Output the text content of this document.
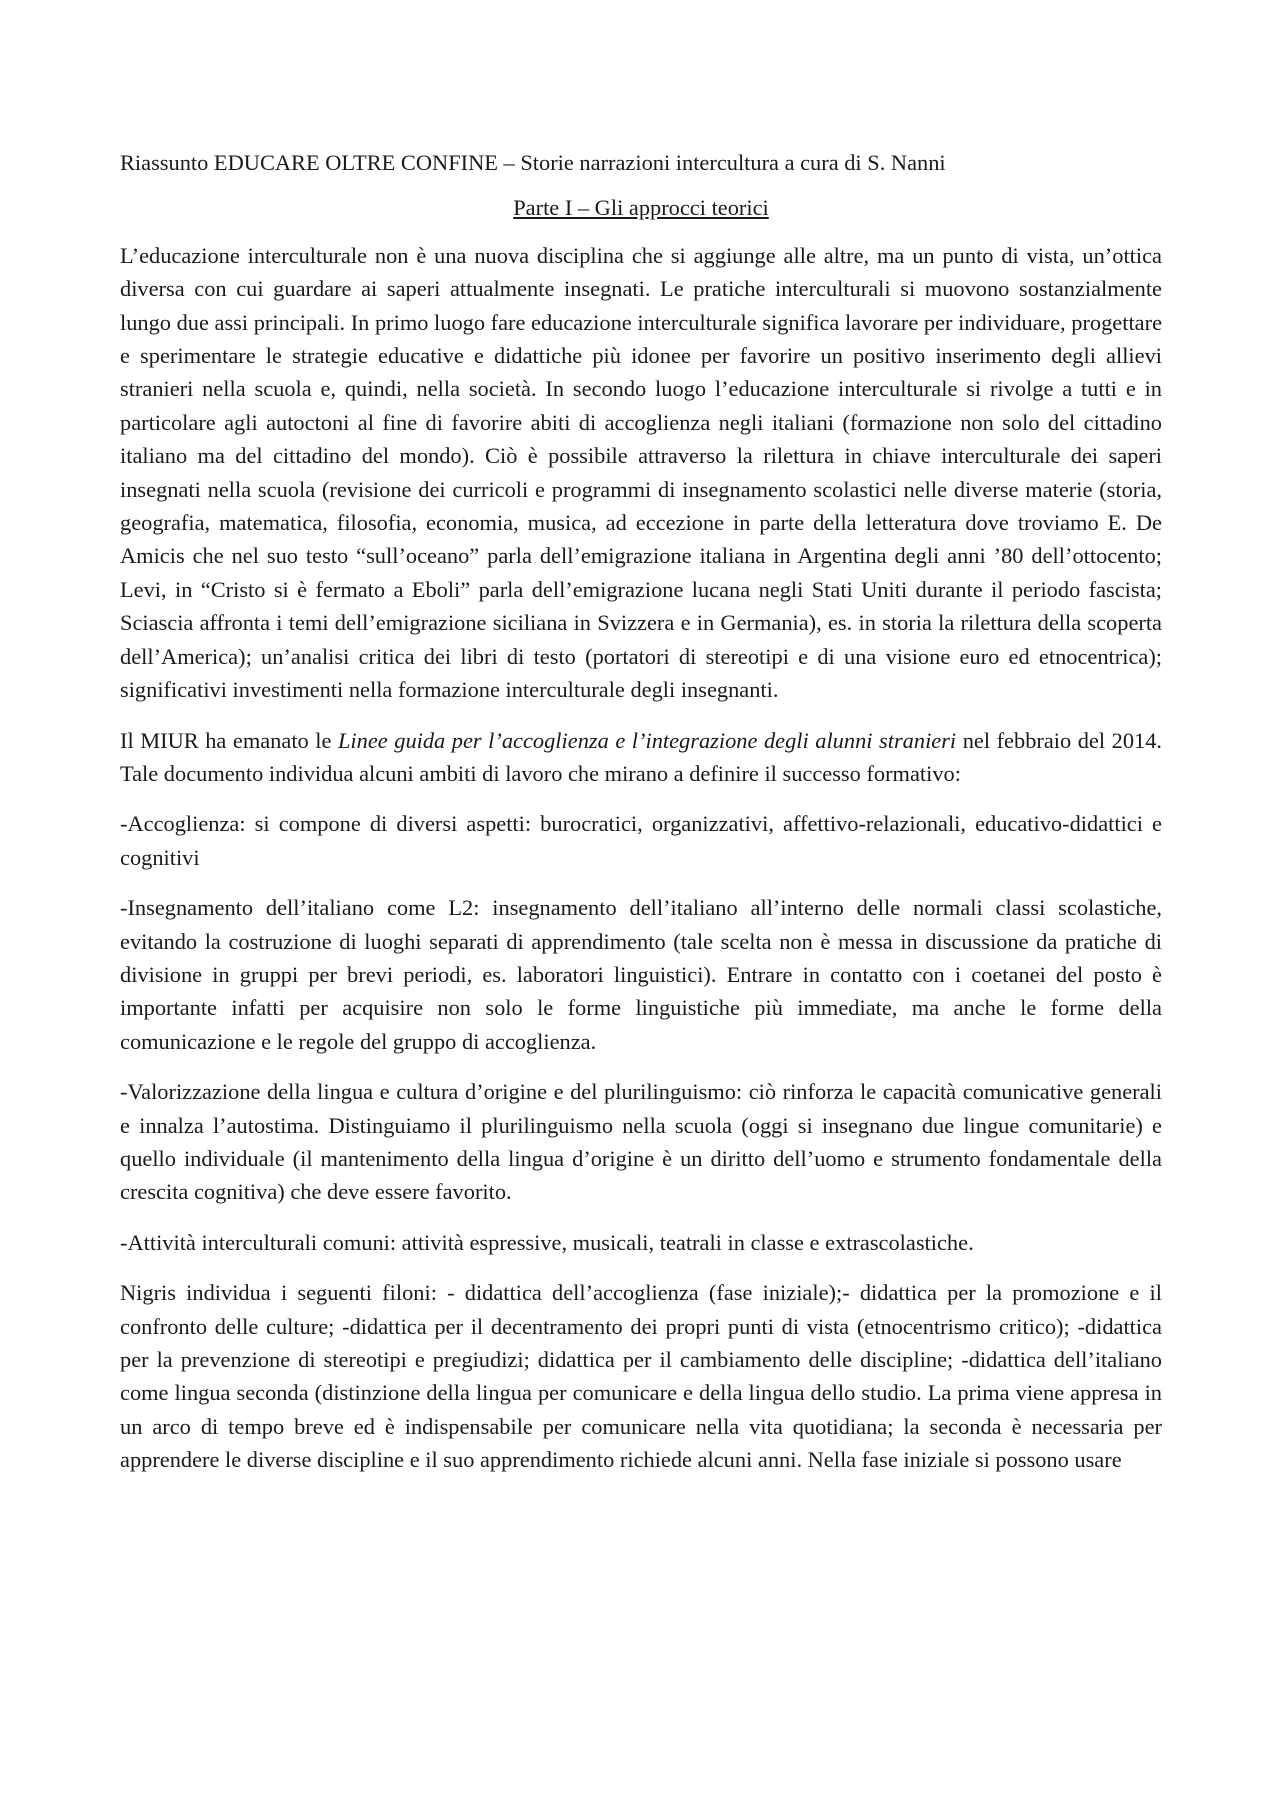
Riassunto EDUCARE OLTRE CONFINE – Storie narrazioni intercultura a cura di S. Nanni

Parte I – Gli approcci teorici

L’educazione interculturale non è una nuova disciplina che si aggiunge alle altre, ma un punto di vista, un’ottica diversa con cui guardare ai saperi attualmente insegnati. Le pratiche interculturali si muovono sostanzialmente lungo due assi principali. In primo luogo fare educazione interculturale significa lavorare per individuare, progettare e sperimentare le strategie educative e didattiche più idonee per favorire un positivo inserimento degli allievi stranieri nella scuola e, quindi, nella società. In secondo luogo l’educazione interculturale si rivolge a tutti e in particolare agli autoctoni al fine di favorire abiti di accoglienza negli italiani (formazione non solo del cittadino italiano ma del cittadino del mondo). Ciò è possibile attraverso la rilettura in chiave interculturale dei saperi insegnati nella scuola (revisione dei curricoli e programmi di insegnamento scolastici nelle diverse materie (storia, geografia, matematica, filosofia, economia, musica, ad eccezione in parte della letteratura dove troviamo E. De Amicis che nel suo testo “sull’oceano” parla dell’emigrazione italiana in Argentina degli anni ’80 dell’ottocento; Levi, in “Cristo si è fermato a Eboli” parla dell’emigrazione lucana negli Stati Uniti durante il periodo fascista; Sciascia affronta i temi dell’emigrazione siciliana in Svizzera e in Germania), es. in storia la rilettura della scoperta dell’America); un’analisi critica dei libri di testo (portatori di stereotipi e di una visione euro ed etnocentrica); significativi investimenti nella formazione interculturale degli insegnanti.

Il MIUR ha emanato le Linee guida per l’accoglienza e l’integrazione degli alunni stranieri nel febbraio del 2014. Tale documento individua alcuni ambiti di lavoro che mirano a definire il successo formativo:

-Accoglienza: si compone di diversi aspetti: burocratici, organizzativi, affettivo-relazionali, educativo-didattici e cognitivi

-Insegnamento dell’italiano come L2: insegnamento dell’italiano all’interno delle normali classi scolastiche, evitando la costruzione di luoghi separati di apprendimento (tale scelta non è messa in discussione da pratiche di divisione in gruppi per brevi periodi, es. laboratori linguistici). Entrare in contatto con i coetanei del posto è importante infatti per acquisire non solo le forme linguistiche più immediate, ma anche le forme della comunicazione e le regole del gruppo di accoglienza.

-Valorizzazione della lingua e cultura d’origine e del plurilinguismo: ciò rinforza le capacità comunicative generali e innalza l’autostima. Distinguiamo il plurilinguismo nella scuola (oggi si insegnano due lingue comunitarie) e quello individuale (il mantenimento della lingua d’origine è un diritto dell’uomo e strumento fondamentale della crescita cognitiva) che deve essere favorito.

-Attività interculturali comuni: attività espressive, musicali, teatrali in classe e extrascolastiche.

Nigris individua i seguenti filoni: - didattica dell’accoglienza (fase iniziale);- didattica per la promozione e il confronto delle culture; -didattica per il decentramento dei propri punti di vista (etnocentrismo critico); -didattica per la prevenzione di stereotipi e pregiudizi; didattica per il cambiamento delle discipline; -didattica dell’italiano come lingua seconda (distinzione della lingua per comunicare e della lingua dello studio. La prima viene appresa in un arco di tempo breve ed è indispensabile per comunicare nella vita quotidiana; la seconda è necessaria per apprendere le diverse discipline e il suo apprendimento richiede alcuni anni. Nella fase iniziale si possono usare
